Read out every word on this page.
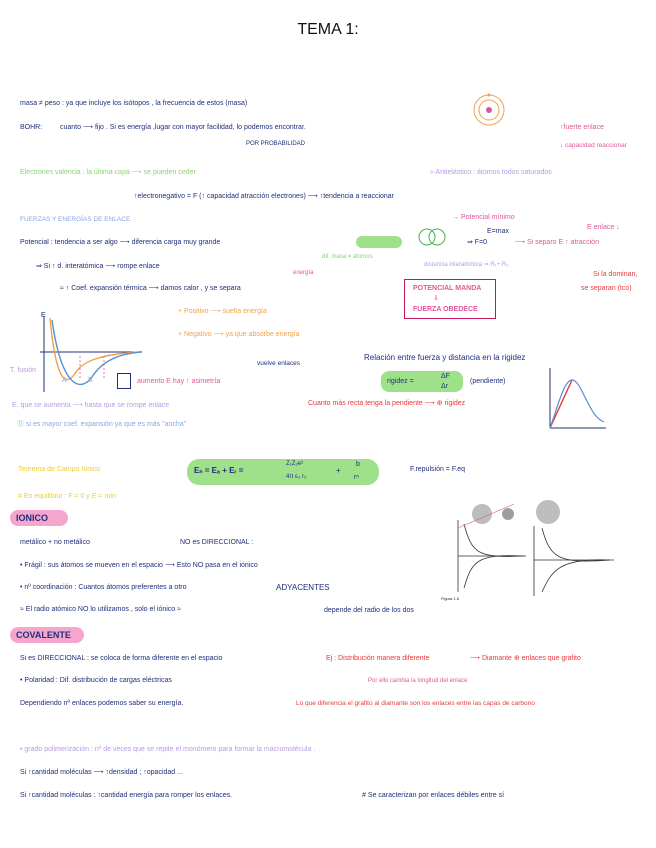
TEMA 1:
masa ≠ peso : ya que incluye los isótopos , la frecuencia de estos (masa)
BOHR:	cuanto ⟶ fijo . Si es energía ,lugar con mayor facilidad, lo podemos encontrar.
POR PROBABILIDAD
↑fuerte enlace
↓ capacidad reaccionar
Electrones valencia : la última capa ⟶ se pueden ceder	≈ Antielástico : átomos todos saturados
↑electronegativo = F (↑ capacidad atracción electrones) ⟶ ↑tendencia a reaccionar
FUERZAS Y ENERGÍAS DE ENLACE
Potencial : tendencia a ser algo ⟶ diferencia carga muy grande
dif. masa ≠ átomos
⇒ Si ↑ d. interatómica ⟶ rompe enlace
≈ ↑ Coef. expansión térmica ⟶ damos calor , y se separa
energía
+ Positivo ⟶ suelta energía
+ Negativo ⟶ ya que absorbe energía
→ Potencial mínimo
E=max
⇒ F=0
E enlace ↓
⟶ Si separo E ↑ atracción
distancia interatómica ⇒ R₁+ R₂
Si la dominan,
se separan (tco)
POTENCIAL MANDA
⇓
FUERZA OBEDECE
E
A	B
T. fusión
aumento E hay ↑ asimetría
vuelve enlaces
E. que se aumenta ⟶ hasta que se rompe enlace
Ⓑ si es mayor coef. expansión ya que es más "ancha"
Relación entre fuerza y distancia en la rigidez
rigidez =
ΔF
Δr
(pendiente)
Cuanto más recta tenga la pendiente ⟶ ⊕ rigidez
Teorema de Campo Iónico	Eₙ = Eₐ + Eᵣ =
Z₁Z₂e²
4π ε₀ r₀
+
b
rⁿ
F.repulsión = F.eq
# En equilibrio : F = 0 y E = mín
IONICO
metálico + no metálico	NO es DIRECCIONAL :
• Frágil : sus átomos se mueven en el espacio ⟶ Esto NO pasa en el iónico
• nº coordinación : Cuantos átomos preferentes a otro	ADYACENTES
≈ El radio atómico NO lo utilizamos , solo el iónico ≈	depende del radio de los dos
Figura 1.5
COVALENTE
Si es DIRECCIONAL : se coloca de forma diferente en el espacio	Ej : Distribución manera diferente	⟶ Diamante ⊕ enlaces que grafito
• Polaridad : Dif. distribución de cargas eléctricas	Por ello cambia la longitud del enlace
Dependiendo nº enlaces podemos saber su energía.	Lo que diferencia el grafito al diamante son los enlaces entre las capas de carbono
• grado polimerización : nº de veces que se repite el monómero para formar la macromolécula .
Si ↑cantidad moléculas ⟶ ↑densidad ; ↑opacidad ...
Si ↑cantidad moléculas : ↑cantidad energía para romper los enlaces.	# Se caracterizan por enlaces débiles entre sí
